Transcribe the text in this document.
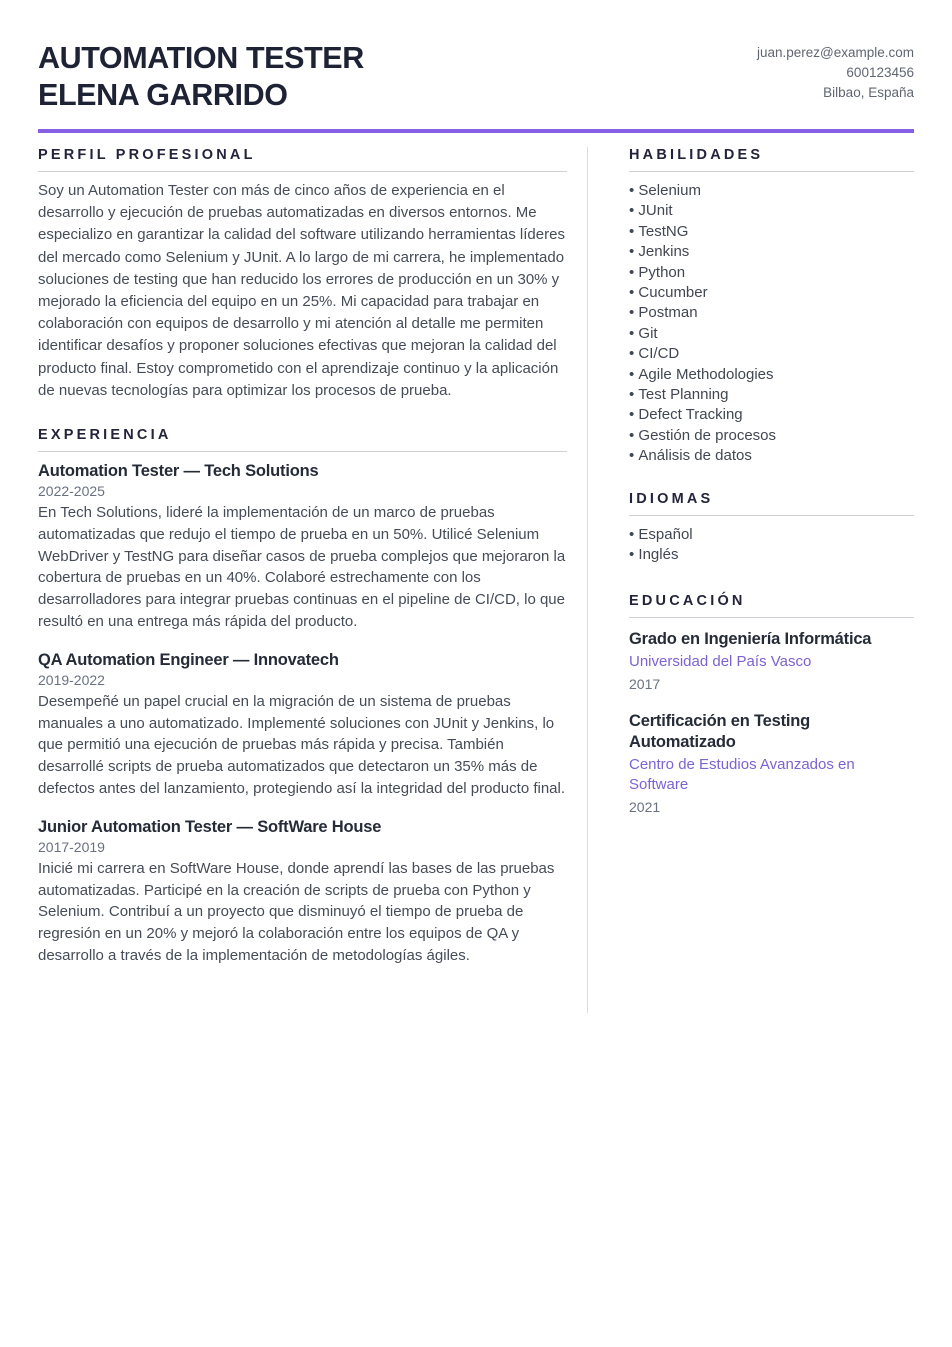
AUTOMATION TESTER
ELENA GARRIDO
juan.perez@example.com
600123456
Bilbao, España
PERFIL PROFESIONAL

Soy un Automation Tester con más de cinco años de experiencia en el desarrollo y ejecución de pruebas automatizadas en diversos entornos. Me especializo en garantizar la calidad del software utilizando herramientas líderes del mercado como Selenium y JUnit. A lo largo de mi carrera, he implementado soluciones de testing que han reducido los errores de producción en un 30% y mejorado la eficiencia del equipo en un 25%. Mi capacidad para trabajar en colaboración con equipos de desarrollo y mi atención al detalle me permiten identificar desafíos y proponer soluciones efectivas que mejoran la calidad del producto final. Estoy comprometido con el aprendizaje continuo y la aplicación de nuevas tecnologías para optimizar los procesos de prueba.

EXPERIENCIA
Automation Tester — Tech Solutions
2022-2025

En Tech Solutions, lideré la implementación de un marco de pruebas automatizadas que redujo el tiempo de prueba en un 50%. Utilicé Selenium WebDriver y TestNG para diseñar casos de prueba complejos que mejoraron la cobertura de pruebas en un 40%. Colaboré estrechamente con los desarrolladores para integrar pruebas continuas en el pipeline de CI/CD, lo que resultó en una entrega más rápida del producto.

QA Automation Engineer — Innovatech
2019-2022

Desempeñé un papel crucial en la migración de un sistema de pruebas manuales a uno automatizado. Implementé soluciones con JUnit y Jenkins, lo que permitió una ejecución de pruebas más rápida y precisa. También desarrollé scripts de prueba automatizados que detectaron un 35% más de defectos antes del lanzamiento, protegiendo así la integridad del producto final.

Junior Automation Tester — SoftWare House
2017-2019

Inicié mi carrera en SoftWare House, donde aprendí las bases de las pruebas automatizadas. Participé en la creación de scripts de prueba con Python y Selenium. Contribuí a un proyecto que disminuyó el tiempo de prueba de regresión en un 20% y mejoró la colaboración entre los equipos de QA y desarrollo a través de la implementación de metodologías ágiles.

HABILIDADES
• Selenium
• JUnit
• TestNG
• Jenkins
• Python
• Cucumber
• Postman
• Git
• CI/CD
• Agile Methodologies
• Test Planning
• Defect Tracking
• Gestión de procesos
• Análisis de datos
IDIOMAS
• Español
• Inglés
EDUCACIÓN
Grado en Ingeniería Informática
Universidad del País Vasco
2017
Certificación en Testing Automatizado
Centro de Estudios Avanzados en Software
2021
